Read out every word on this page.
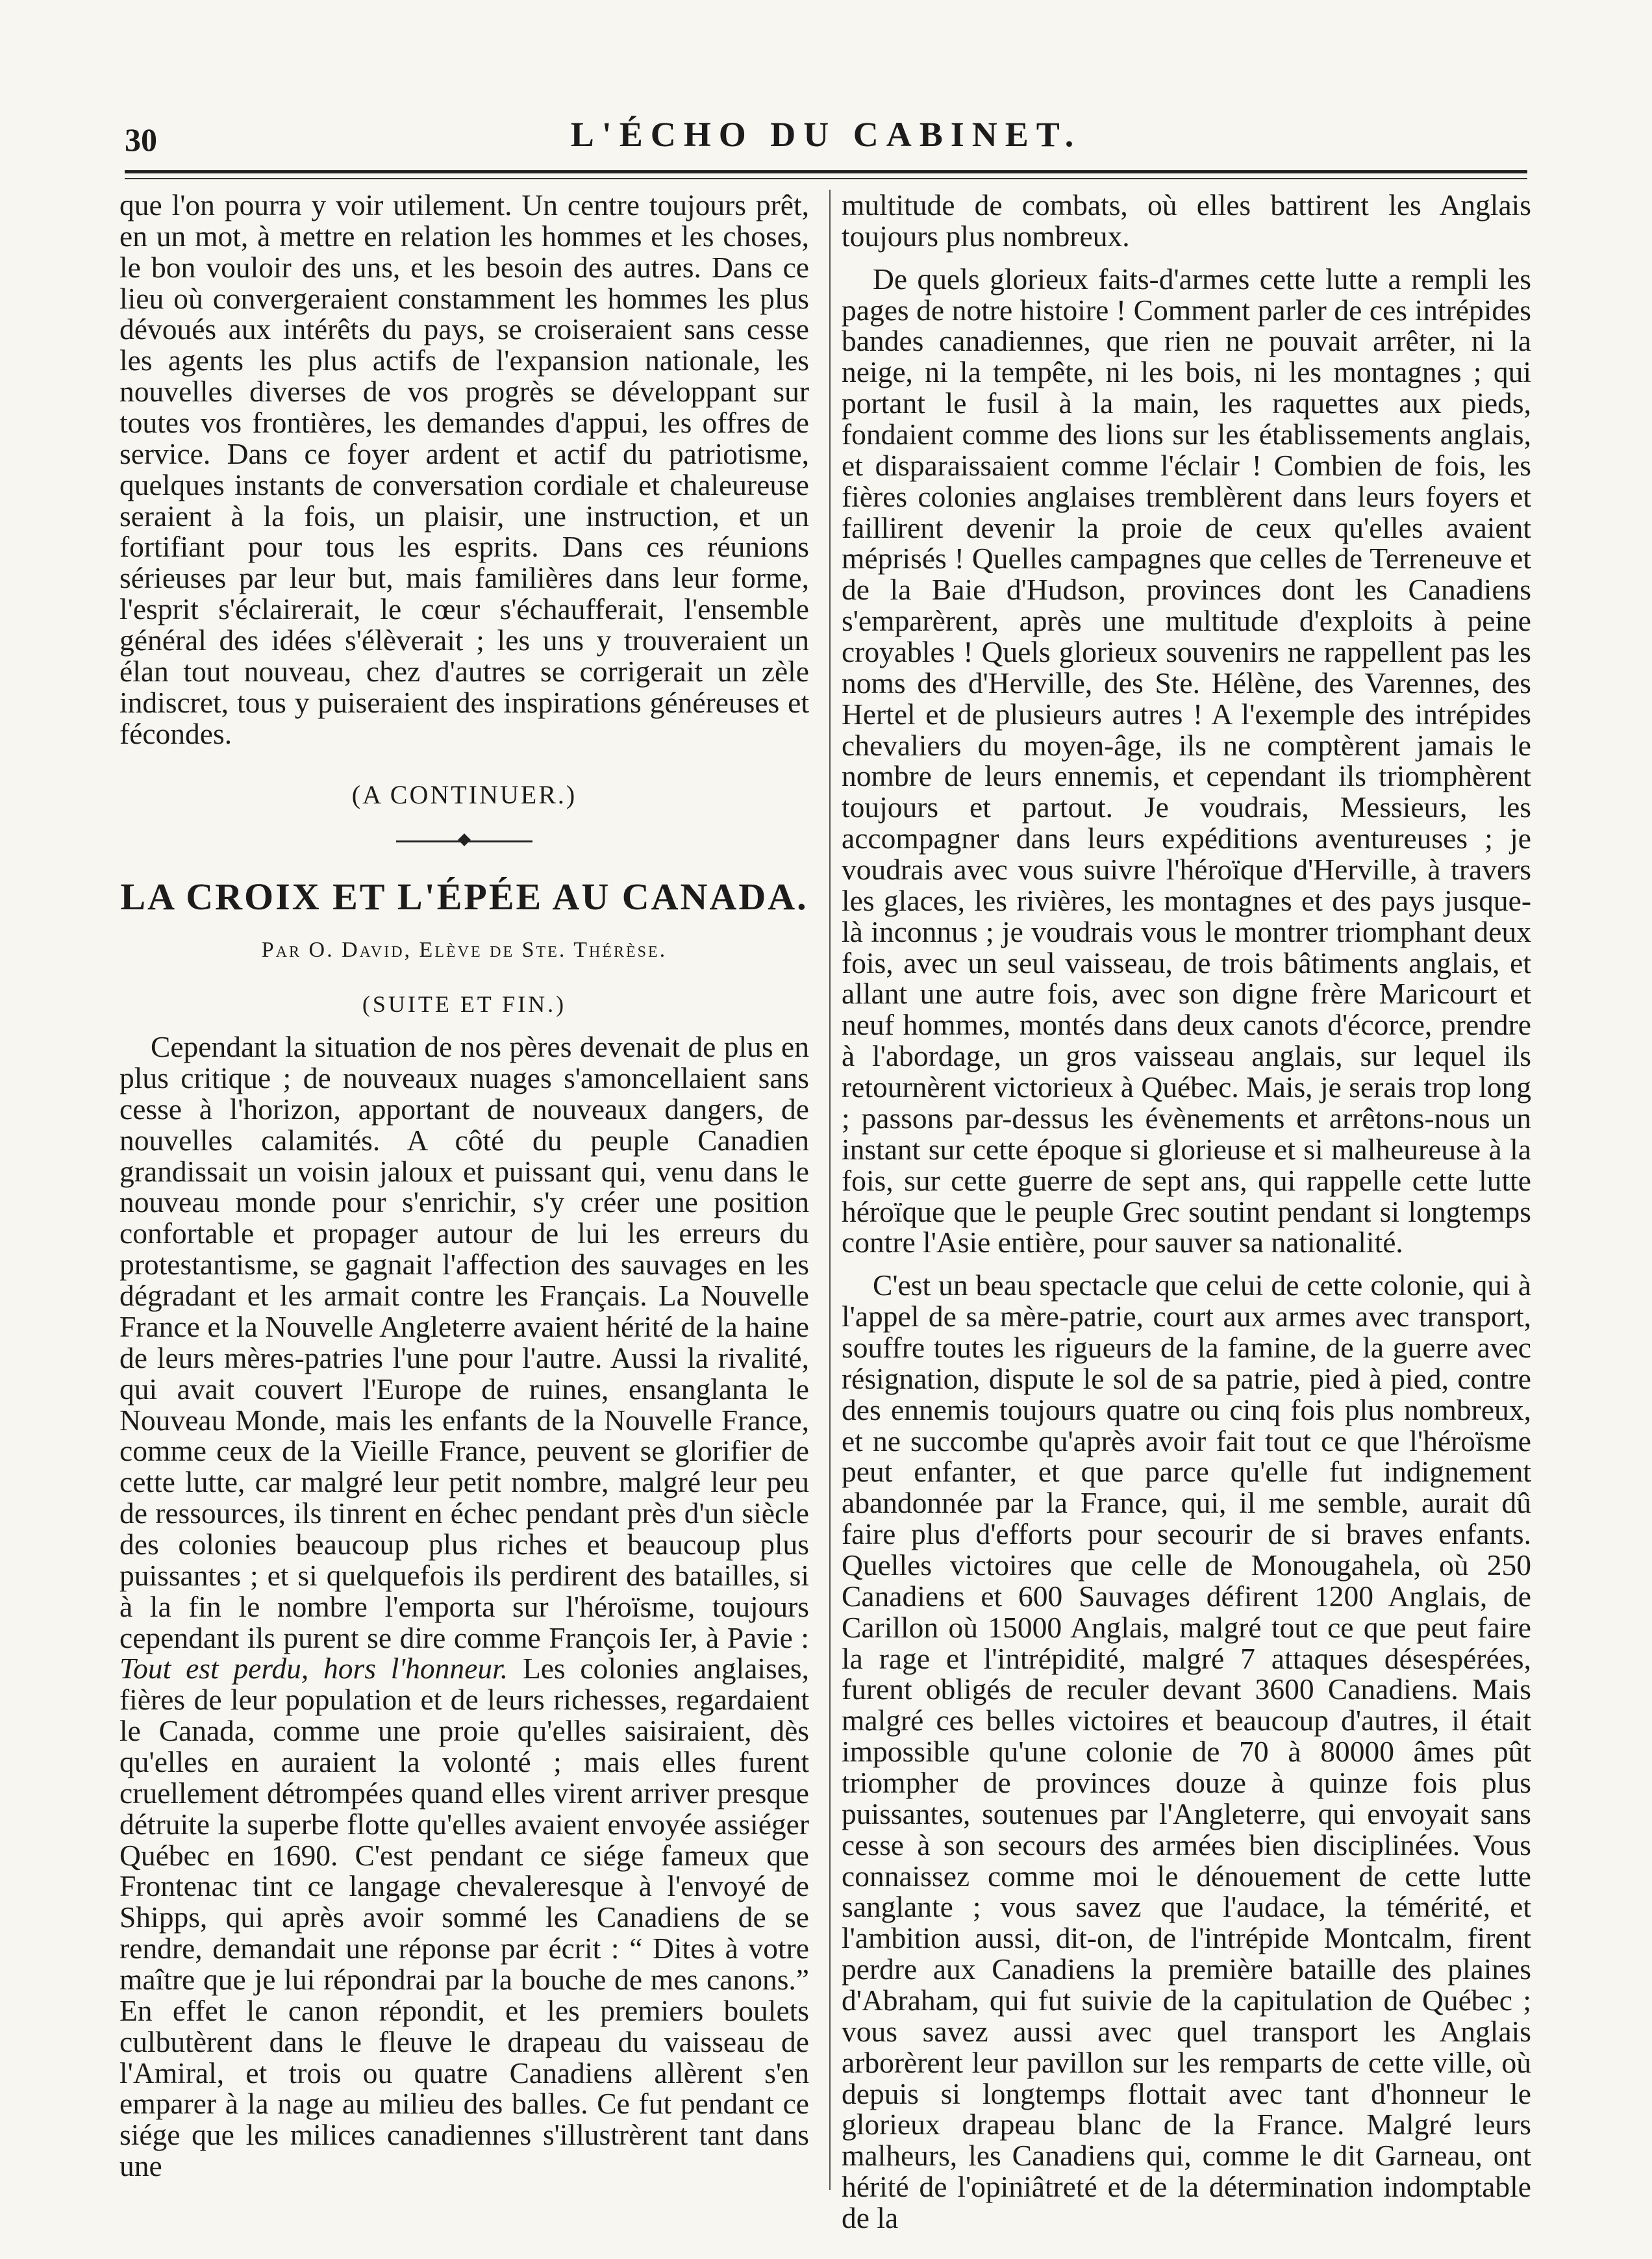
30	L'ÉCHO DU CABINET.

que l'on pourra y voir utilement. Un centre toujours prêt, en un mot, à mettre en relation les hommes et les choses, le bon vouloir des uns, et les besoin des autres. Dans ce lieu où convergeraient constamment les hommes les plus dévoués aux intérêts du pays, se croiseraient sans cesse les agents les plus actifs de l'expansion nationale, les nouvelles diverses de vos progrès se développant sur toutes vos frontières, les demandes d'appui, les offres de service. Dans ce foyer ardent et actif du patriotisme, quelques instants de conversation cordiale et chaleureuse seraient à la fois, un plaisir, une instruction, et un fortifiant pour tous les esprits. Dans ces réunions sérieuses par leur but, mais familières dans leur forme, l'esprit s'éclairerait, le cœur s'échaufferait, l'ensemble général des idées s'élèverait ; les uns y trouveraient un élan tout nouveau, chez d'autres se corrigerait un zèle indiscret, tous y puiseraient des inspirations généreuses et fécondes.

(A CONTINUER.)
LA CROIX ET L'ÉPÉE AU CANADA.
Par O. David, Elève de Ste. Thérèse.
(SUITE ET FIN.)

Cependant la situation de nos pères devenait de plus en plus critique ; de nouveaux nuages s'amoncellaient sans cesse à l'horizon, apportant de nouveaux dangers, de nouvelles calamités. A côté du peuple Canadien grandissait un voisin jaloux et puissant qui, venu dans le nouveau monde pour s'enrichir, s'y créer une position confortable et propager autour de lui les erreurs du protestantisme, se gagnait l'affection des sauvages en les dégradant et les armait contre les Français. La Nouvelle France et la Nouvelle Angleterre avaient hérité de la haine de leurs mères-patries l'une pour l'autre. Aussi la rivalité, qui avait couvert l'Europe de ruines, ensanglanta le Nouveau Monde, mais les enfants de la Nouvelle France, comme ceux de la Vieille France, peuvent se glorifier de cette lutte, car malgré leur petit nombre, malgré leur peu de ressources, ils tinrent en échec pendant près d'un siècle des colonies beaucoup plus riches et beaucoup plus puissantes ; et si quelquefois ils perdirent des batailles, si à la fin le nombre l'emporta sur l'héroïsme, toujours cependant ils purent se dire comme François Ier, à Pavie : Tout est perdu, hors l'honneur. Les colonies anglaises, fières de leur population et de leurs richesses, regardaient le Canada, comme une proie qu'elles saisiraient, dès qu'elles en auraient la volonté ; mais elles furent cruellement détrompées quand elles virent arriver presque détruite la superbe flotte qu'elles avaient envoyée assiéger Québec en 1690. C'est pendant ce siége fameux que Frontenac tint ce langage chevaleresque à l'envoyé de Shipps, qui après avoir sommé les Canadiens de se rendre, demandait une réponse par écrit : “ Dites à votre maître que je lui répondrai par la bouche de mes canons.” En effet le canon répondit, et les premiers boulets culbutèrent dans le fleuve le drapeau du vaisseau de l'Amiral, et trois ou quatre Canadiens allèrent s'en emparer à la nage au milieu des balles. Ce fut pendant ce siége que les milices canadiennes s'illustrèrent tant dans une

multitude de combats, où elles battirent les Anglais toujours plus nombreux.

De quels glorieux faits-d'armes cette lutte a rempli les pages de notre histoire ! Comment parler de ces intrépides bandes canadiennes, que rien ne pouvait arrêter, ni la neige, ni la tempête, ni les bois, ni les montagnes ; qui portant le fusil à la main, les raquettes aux pieds, fondaient comme des lions sur les établissements anglais, et disparaissaient comme l'éclair ! Combien de fois, les fières colonies anglaises tremblèrent dans leurs foyers et faillirent devenir la proie de ceux qu'elles avaient méprisés ! Quelles campagnes que celles de Terreneuve et de la Baie d'Hudson, provinces dont les Canadiens s'emparèrent, après une multitude d'exploits à peine croyables ! Quels glorieux souvenirs ne rappellent pas les noms des d'Herville, des Ste. Hélène, des Varennes, des Hertel et de plusieurs autres ! A l'exemple des intrépides chevaliers du moyen-âge, ils ne comptèrent jamais le nombre de leurs ennemis, et cependant ils triomphèrent toujours et partout. Je voudrais, Messieurs, les accompagner dans leurs expéditions aventureuses ; je voudrais avec vous suivre l'héroïque d'Herville, à travers les glaces, les rivières, les montagnes et des pays jusque-là inconnus ; je voudrais vous le montrer triomphant deux fois, avec un seul vaisseau, de trois bâtiments anglais, et allant une autre fois, avec son digne frère Maricourt et neuf hommes, montés dans deux canots d'écorce, prendre à l'abordage, un gros vaisseau anglais, sur lequel ils retournèrent victorieux à Québec. Mais, je serais trop long ; passons par-dessus les évènements et arrêtons-nous un instant sur cette époque si glorieuse et si malheureuse à la fois, sur cette guerre de sept ans, qui rappelle cette lutte héroïque que le peuple Grec soutint pendant si longtemps contre l'Asie entière, pour sauver sa nationalité.

C'est un beau spectacle que celui de cette colonie, qui à l'appel de sa mère-patrie, court aux armes avec transport, souffre toutes les rigueurs de la famine, de la guerre avec résignation, dispute le sol de sa patrie, pied à pied, contre des ennemis toujours quatre ou cinq fois plus nombreux, et ne succombe qu'après avoir fait tout ce que l'héroïsme peut enfanter, et que parce qu'elle fut indignement abandonnée par la France, qui, il me semble, aurait dû faire plus d'efforts pour secourir de si braves enfants. Quelles victoires que celle de Monougahela, où 250 Canadiens et 600 Sauvages défirent 1200 Anglais, de Carillon où 15000 Anglais, malgré tout ce que peut faire la rage et l'intrépidité, malgré 7 attaques désespérées, furent obligés de reculer devant 3600 Canadiens. Mais malgré ces belles victoires et beaucoup d'autres, il était impossible qu'une colonie de 70 à 80000 âmes pût triompher de provinces douze à quinze fois plus puissantes, soutenues par l'Angleterre, qui envoyait sans cesse à son secours des armées bien disciplinées. Vous connaissez comme moi le dénouement de cette lutte sanglante ; vous savez que l'audace, la témérité, et l'ambition aussi, dit-on, de l'intrépide Montcalm, firent perdre aux Canadiens la première bataille des plaines d'Abraham, qui fut suivie de la capitulation de Québec ; vous savez aussi avec quel transport les Anglais arborèrent leur pavillon sur les remparts de cette ville, où depuis si longtemps flottait avec tant d'honneur le glorieux drapeau blanc de la France. Malgré leurs malheurs, les Canadiens qui, comme le dit Garneau, ont hérité de l'opiniâtreté et de la détermination indomptable de la
